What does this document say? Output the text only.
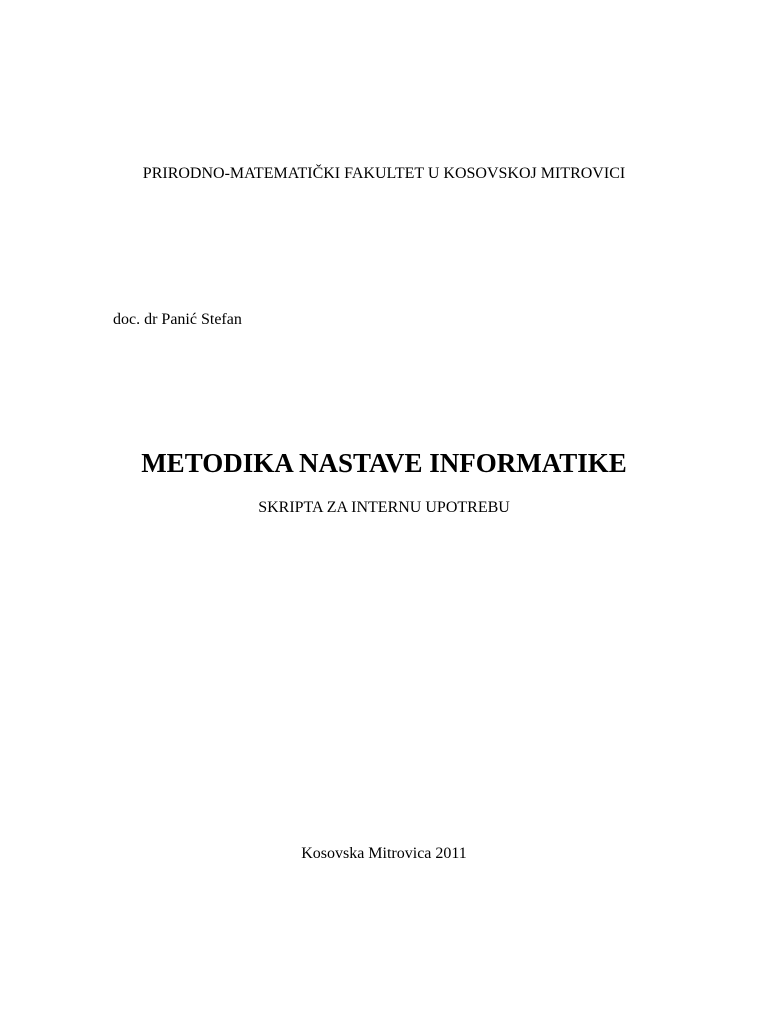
PRIRODNO-MATEMATIČKI FAKULTET U KOSOVSKOJ MITROVICI

doc. dr Panić Stefan

METODIKA NASTAVE INFORMATIKE

SKRIPTA ZA INTERNU UPOTREBU

Kosovska Mitrovica 2011
